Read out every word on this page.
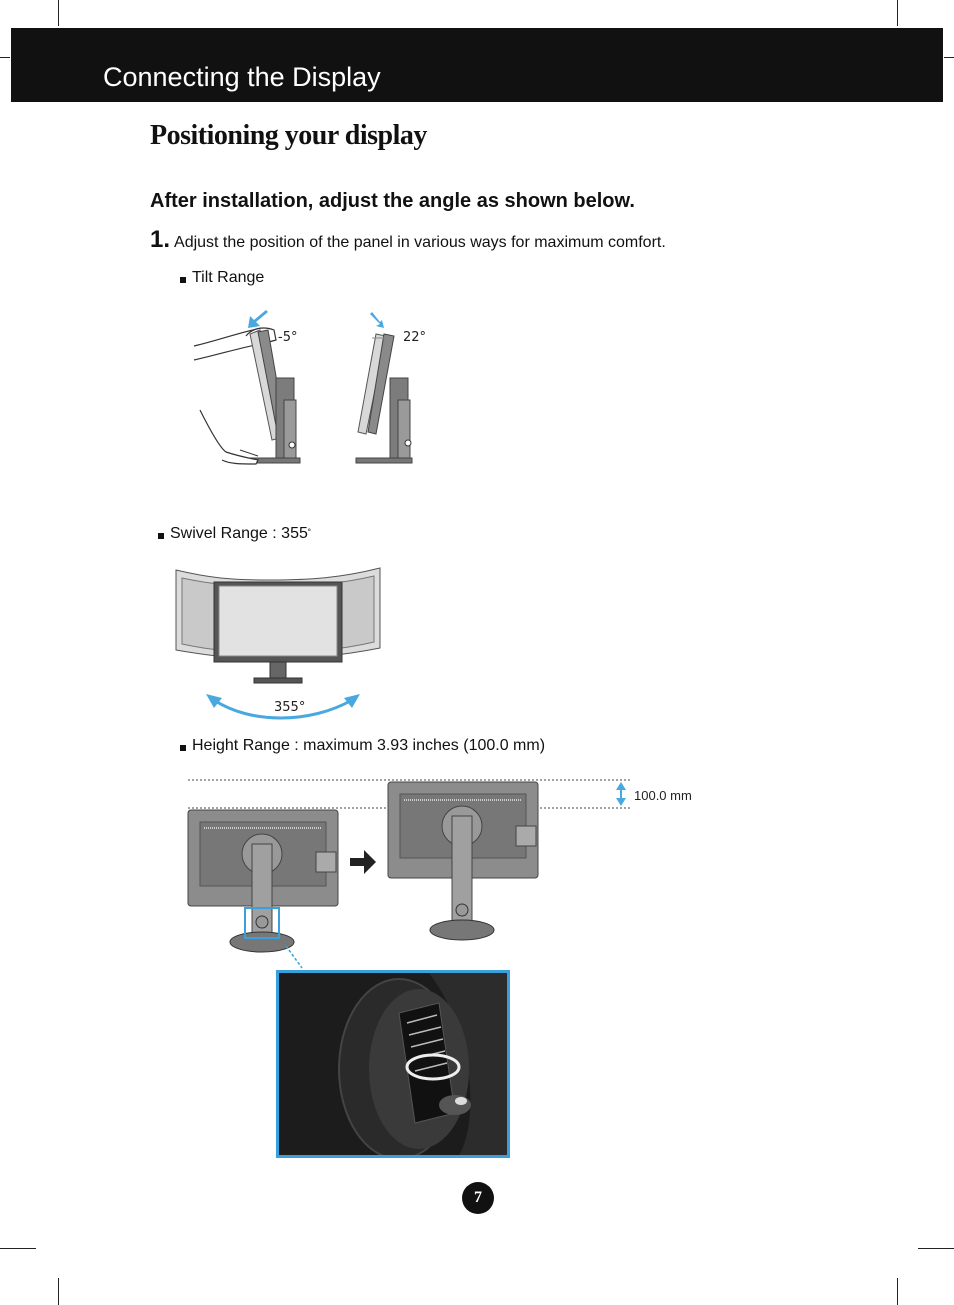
Connecting the Display
Positioning your display
After installation, adjust the angle as shown below.
1. Adjust the position of the panel in various ways for maximum comfort.
Tilt Range
-5°	22°
Swivel Range : 355 ˚
355°
Height Range : maximum 3.93 inches (100.0 mm)
100.0 mm
7
